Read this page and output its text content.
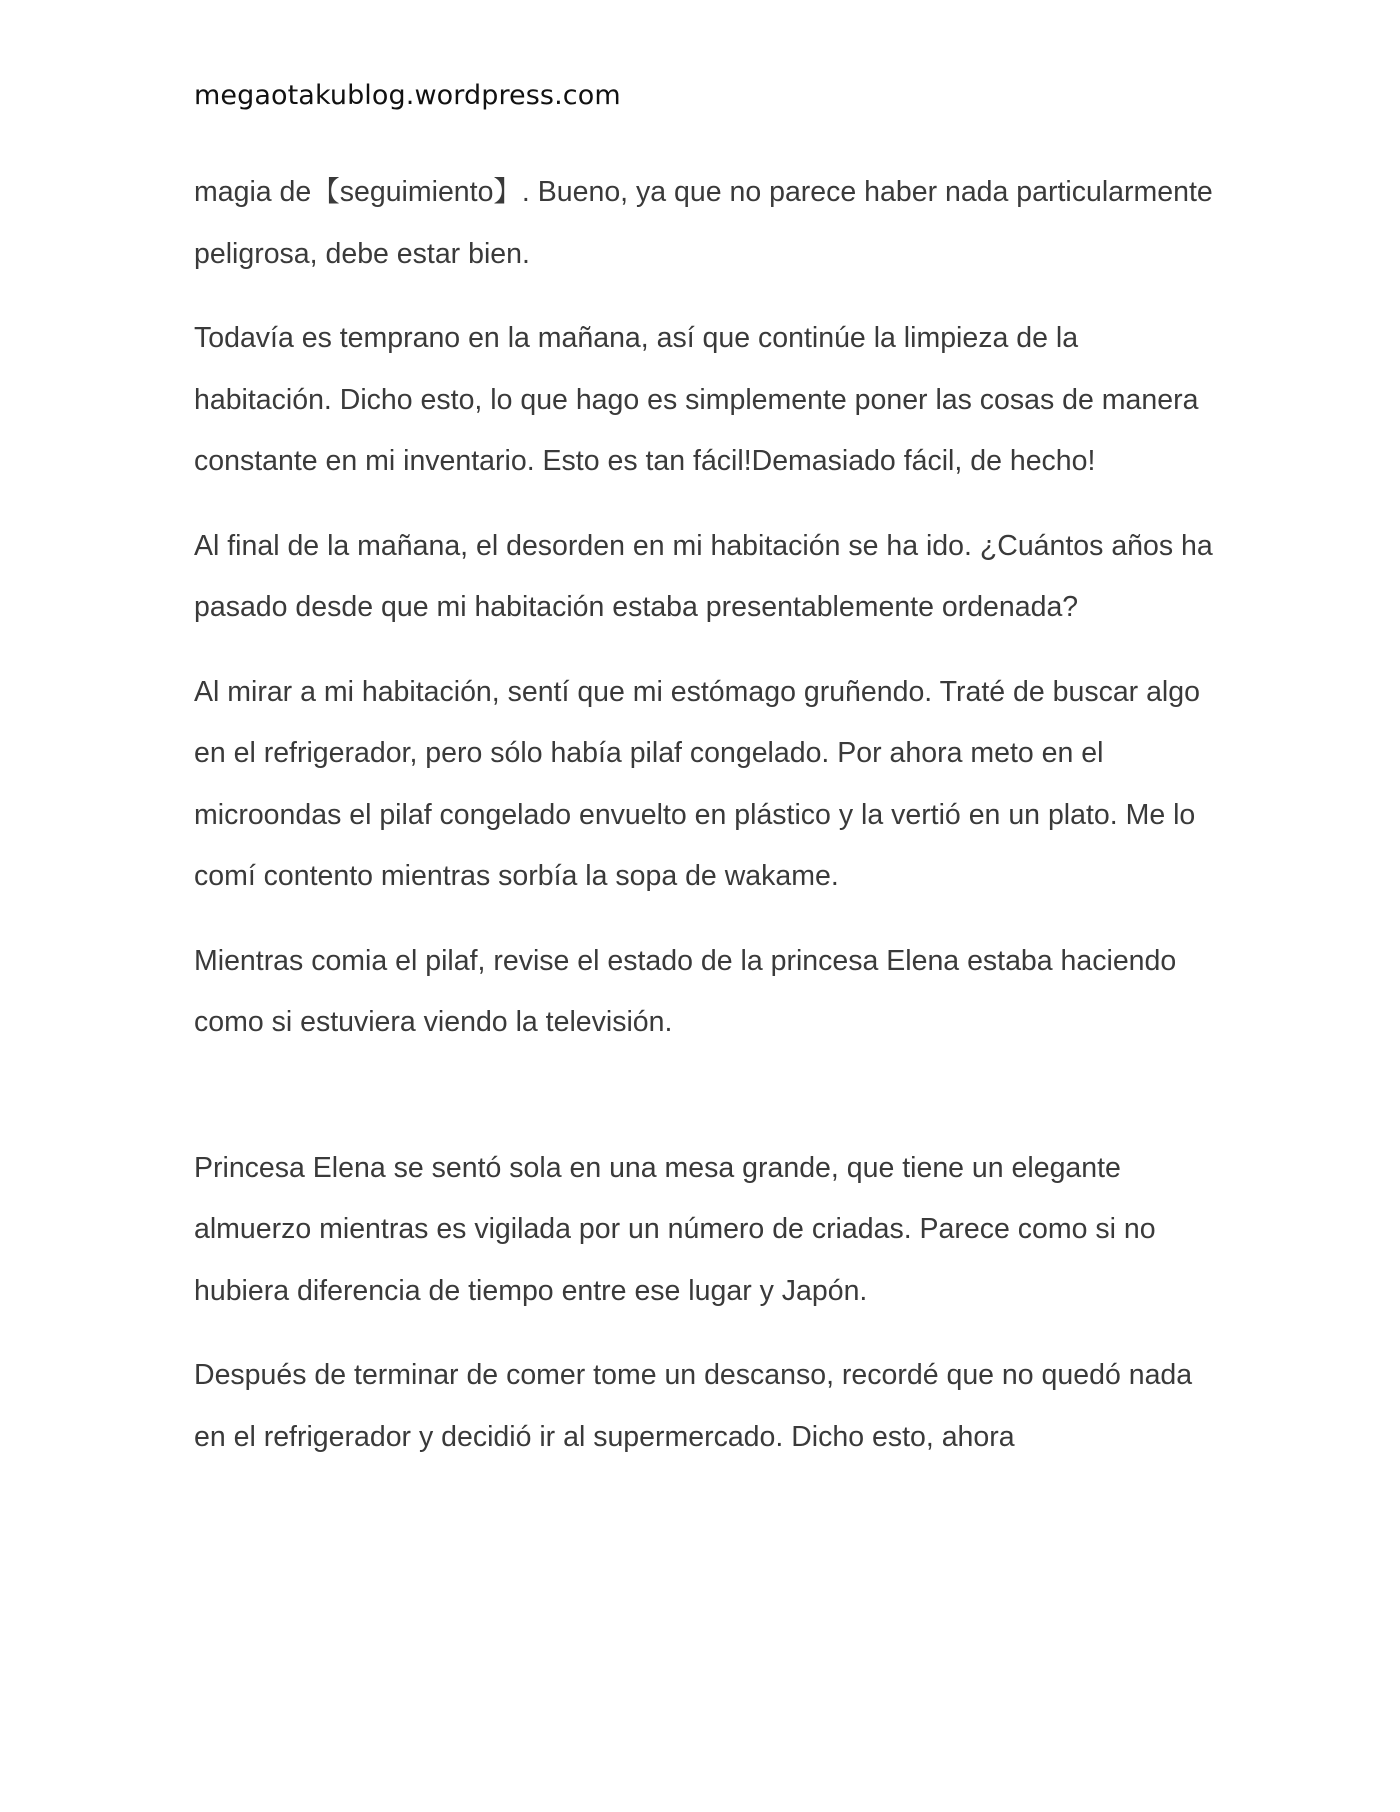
megaotakublog.wordpress.com

magia de【seguimiento】. Bueno, ya que no parece haber nada particularmente peligrosa, debe estar bien.

Todavía es temprano en la mañana, así que continúe la limpieza de la habitación. Dicho esto, lo que hago es simplemente poner las cosas de manera constante en mi inventario. Esto es tan fácil!Demasiado fácil, de hecho!

Al final de la mañana, el desorden en mi habitación se ha ido. ¿Cuántos años ha pasado desde que mi habitación estaba presentablemente ordenada?

Al mirar a mi habitación, sentí que mi estómago gruñendo. Traté de buscar algo en el refrigerador, pero sólo había pilaf congelado. Por ahora meto en el microondas el pilaf congelado envuelto en plástico y la vertió en un plato. Me lo comí contento mientras sorbía la sopa de wakame.

Mientras comia el pilaf, revise el estado de la princesa Elena estaba haciendo como si estuviera viendo la televisión.

Princesa Elena se sentó sola en una mesa grande, que tiene un elegante almuerzo mientras es vigilada por un número de criadas. Parece como si no hubiera diferencia de tiempo entre ese lugar y Japón.

Después de terminar de comer tome un descanso, recordé que no quedó nada en el refrigerador y decidió ir al supermercado. Dicho esto, ahora
